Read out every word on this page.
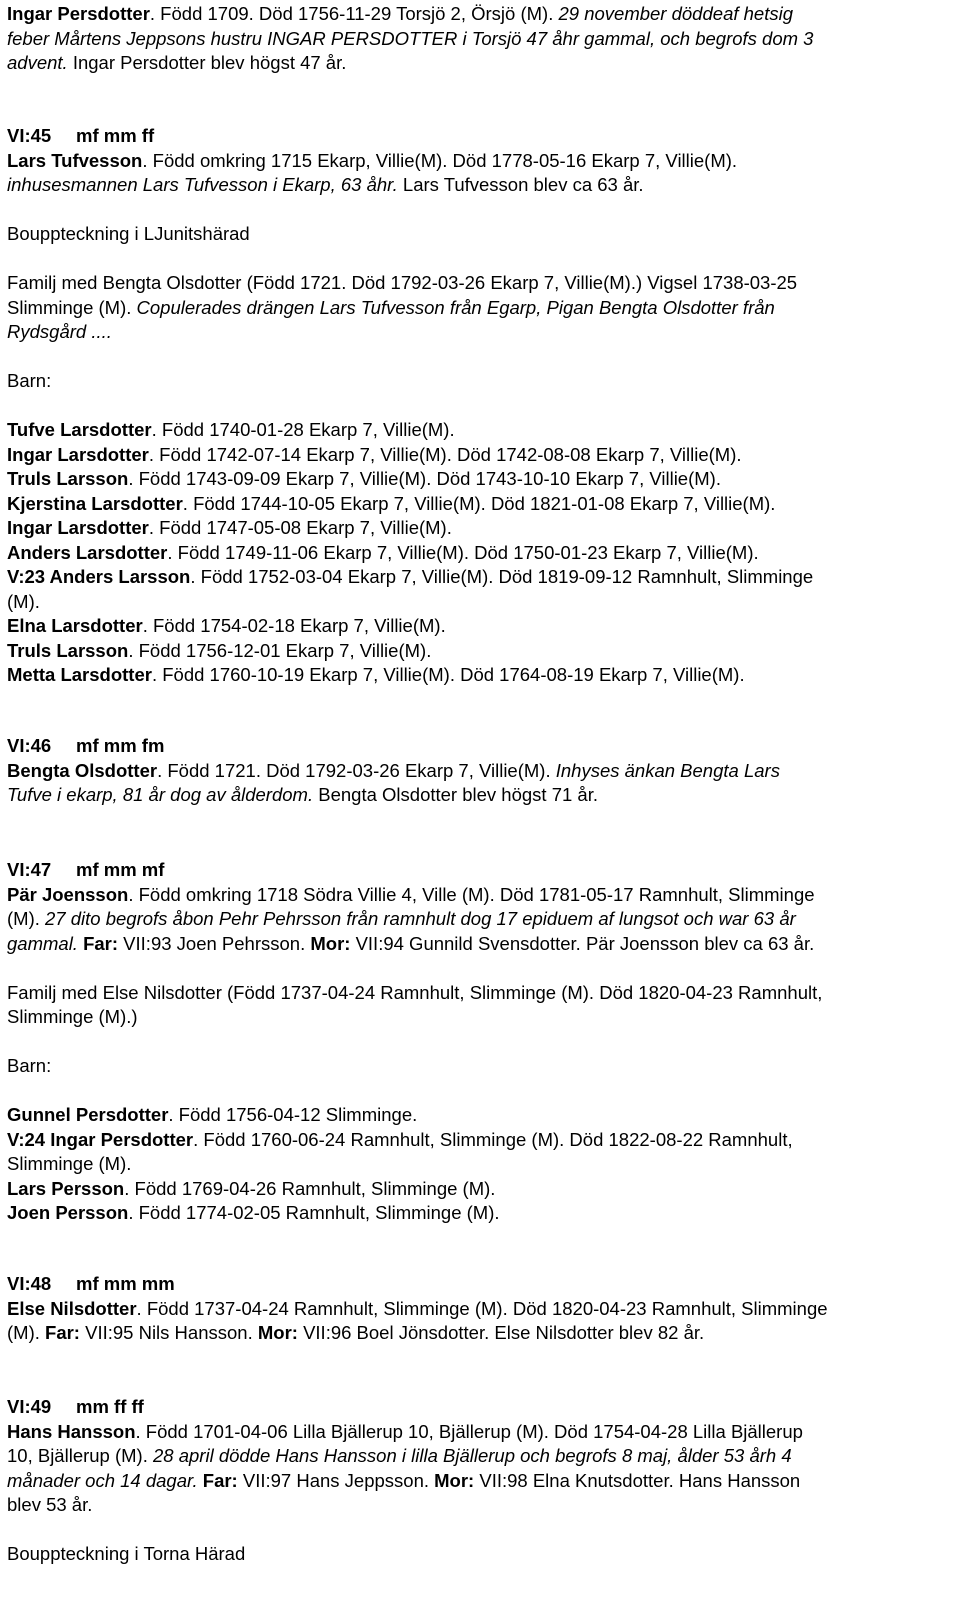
Ingar Persdotter. Född 1709. Död 1756-11-29 Torsjö 2, Örsjö (M). 29 november döddeaf hetsig
feber Mårtens Jeppsons hustru INGAR PERSDOTTER i Torsjö 47 åhr gammal, och begrofs dom 3
advent. Ingar Persdotter blev högst 47 år.
VI:45 mf mm ff
Lars Tufvesson. Född omkring 1715 Ekarp, Villie(M). Död 1778-05-16 Ekarp 7, Villie(M).
inhusesmannen Lars Tufvesson i Ekarp, 63 åhr. Lars Tufvesson blev ca 63 år.
Bouppteckning i LJunitshärad
Familj med Bengta Olsdotter (Född 1721. Död 1792-03-26 Ekarp 7, Villie(M).) Vigsel 1738-03-25
Slimminge (M). Copulerades drängen Lars Tufvesson från Egarp, Pigan Bengta Olsdotter från
Rydsgård ....
Barn:
Tufve Larsdotter. Född 1740-01-28 Ekarp 7, Villie(M).
Ingar Larsdotter. Född 1742-07-14 Ekarp 7, Villie(M). Död 1742-08-08 Ekarp 7, Villie(M).
Truls Larsson. Född 1743-09-09 Ekarp 7, Villie(M). Död 1743-10-10 Ekarp 7, Villie(M).
Kjerstina Larsdotter. Född 1744-10-05 Ekarp 7, Villie(M). Död 1821-01-08 Ekarp 7, Villie(M).
Ingar Larsdotter. Född 1747-05-08 Ekarp 7, Villie(M).
Anders Larsdotter. Född 1749-11-06 Ekarp 7, Villie(M). Död 1750-01-23 Ekarp 7, Villie(M).
V:23 Anders Larsson. Född 1752-03-04 Ekarp 7, Villie(M). Död 1819-09-12 Ramnhult, Slimminge
(M).
Elna Larsdotter. Född 1754-02-18 Ekarp 7, Villie(M).
Truls Larsson. Född 1756-12-01 Ekarp 7, Villie(M).
Metta Larsdotter. Född 1760-10-19 Ekarp 7, Villie(M). Död 1764-08-19 Ekarp 7, Villie(M).
VI:46 mf mm fm
Bengta Olsdotter. Född 1721. Död 1792-03-26 Ekarp 7, Villie(M). Inhyses änkan Bengta Lars
Tufve i ekarp, 81 år dog av ålderdom. Bengta Olsdotter blev högst 71 år.
VI:47 mf mm mf
Pär Joensson. Född omkring 1718 Södra Villie 4, Ville (M). Död 1781-05-17 Ramnhult, Slimminge
(M). 27 dito begrofs åbon Pehr Pehrsson från ramnhult dog 17 epiduem af lungsot och war 63 år
gammal. Far: VII:93 Joen Pehrsson. Mor: VII:94 Gunnild Svensdotter. Pär Joensson blev ca 63 år.
Familj med Else Nilsdotter (Född 1737-04-24 Ramnhult, Slimminge (M). Död 1820-04-23 Ramnhult,
Slimminge (M).)
Barn:
Gunnel Persdotter. Född 1756-04-12 Slimminge.
V:24 Ingar Persdotter. Född 1760-06-24 Ramnhult, Slimminge (M). Död 1822-08-22 Ramnhult,
Slimminge (M).
Lars Persson. Född 1769-04-26 Ramnhult, Slimminge (M).
Joen Persson. Född 1774-02-05 Ramnhult, Slimminge (M).
VI:48 mf mm mm
Else Nilsdotter. Född 1737-04-24 Ramnhult, Slimminge (M). Död 1820-04-23 Ramnhult, Slimminge
(M). Far: VII:95 Nils Hansson. Mor: VII:96 Boel Jönsdotter. Else Nilsdotter blev 82 år.
VI:49 mm ff ff
Hans Hansson. Född 1701-04-06 Lilla Bjällerup 10, Bjällerup (M). Död 1754-04-28 Lilla Bjällerup
10, Bjällerup (M). 28 april dödde Hans Hansson i lilla Bjällerup och begrofs 8 maj, ålder 53 årh 4
månader och 14 dagar. Far: VII:97 Hans Jeppsson. Mor: VII:98 Elna Knutsdotter. Hans Hansson
blev 53 år.
Bouppteckning i Torna Härad
